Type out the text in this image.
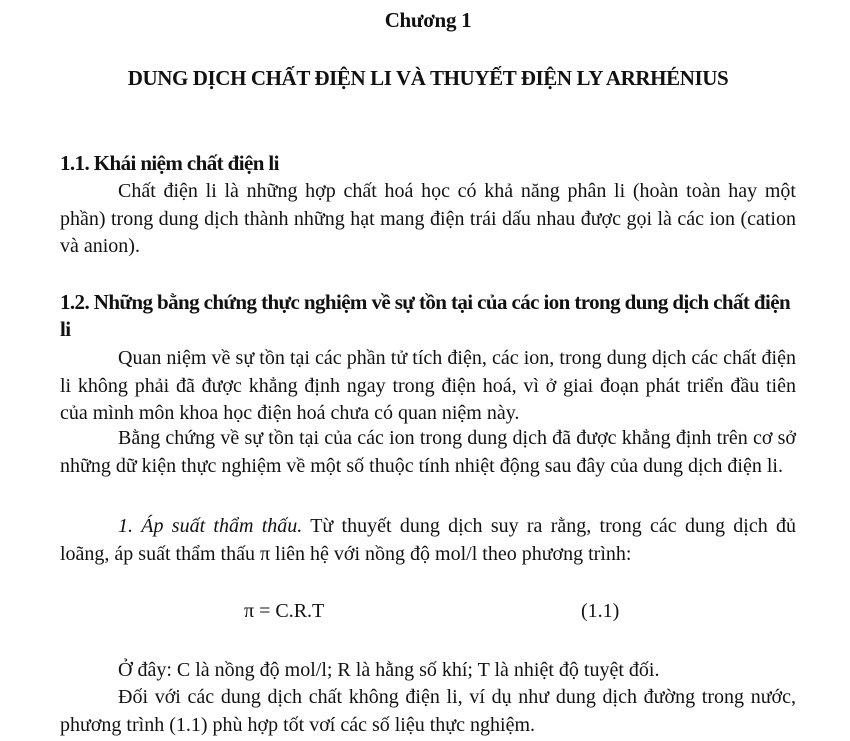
Chương 1
DUNG DỊCH CHẤT ĐIỆN LI VÀ THUYẾT ĐIỆN LY ARRHÉNIUS
1.1. Khái niệm chất điện li

Chất điện li là những hợp chất hoá học có khả năng phân li (hoàn toàn hay một phần) trong dung dịch thành những hạt mang điện trái dấu nhau được gọi là các ion (cation và anion).

1.2. Những bằng chứng thực nghiệm về sự tồn tại của các ion trong dung dịch chất điện li

Quan niệm về sự tồn tại các phần tử tích điện, các ion, trong dung dịch các chất điện li không phải đã được khẳng định ngay trong điện hoá, vì ở giai đoạn phát triển đầu tiên của mình môn khoa học điện hoá chưa có quan niệm này.

Bằng chứng về sự tồn tại của các ion trong dung dịch đã được khẳng định trên cơ sở những dữ kiện thực nghiệm về một số thuộc tính nhiệt động sau đây của dung dịch điện li.

1. Áp suất thẩm thấu. Từ thuyết dung dịch suy ra rằng, trong các dung dịch đủ loãng, áp suất thẩm thấu π liên hệ với nồng độ mol/l theo phương trình:

π = C.R.T	(1.1)

Ở đây: C là nồng độ mol/l; R là hằng số khí; T là nhiệt độ tuyệt đối.

Đối với các dung dịch chất không điện li, ví dụ như dung dịch đường trong nước, phương trình (1.1) phù hợp tốt vơí các số liệu thực nghiệm.
